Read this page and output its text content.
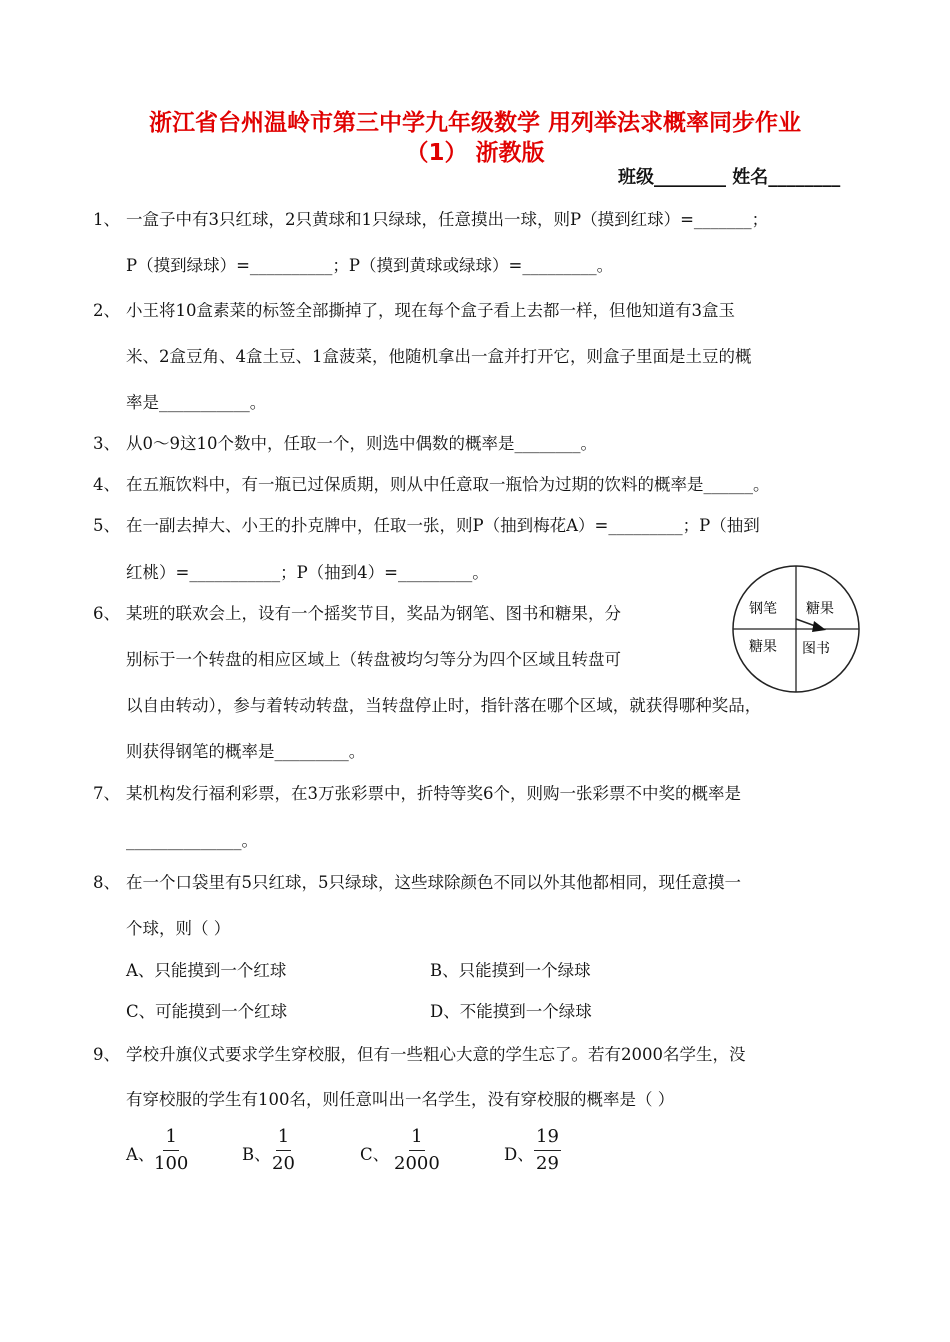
浙江省台州温岭市第三中学九年级数学 用列举法求概率同步作业
（1） 浙教版
班级________ 姓名________
1、 一盒子中有3只红球，2只黄球和1只绿球，任意摸出一球，则P（摸到红球）=_______；
P（摸到绿球）=__________；P（摸到黄球或绿球）=_________。
2、 小王将10盒素菜的标签全部撕掉了，现在每个盒子看上去都一样，但他知道有3盒玉
米、2盒豆角、4盒土豆、1盒菠菜，他随机拿出一盒并打开它，则盒子里面是土豆的概
率是___________。
3、 从0～9这10个数中，任取一个，则选中偶数的概率是________。
4、 在五瓶饮料中，有一瓶已过保质期，则从中任意取一瓶恰为过期的饮料的概率是______。
5、 在一副去掉大、小王的扑克牌中，任取一张，则P（抽到梅花A）=_________；P（抽到
红桃）=___________；P（抽到4）=_________。
6、 某班的联欢会上，设有一个摇奖节目，奖品为钢笔、图书和糖果，分
别标于一个转盘的相应区域上（转盘被均匀等分为四个区域且转盘可
以自由转动），参与着转动转盘，当转盘停止时，指针落在哪个区域，就获得哪种奖品，
则获得钢笔的概率是_________。
钢笔 糖果
糖果 图书
7、 某机构发行福利彩票，在3万张彩票中，折特等奖6个，则购一张彩票不中奖的概率是
______________。
8、 在一个口袋里有5只红球，5只绿球，这些球除颜色不同以外其他都相同，现任意摸一
个球，则（ ）
A、只能摸到一个红球	B、只能摸到一个绿球
C、可能摸到一个红球	D、不能摸到一个绿球
9、 学校升旗仪式要求学生穿校服，但有一些粗心大意的学生忘了。若有2000名学生，没
有穿校服的学生有100名，则任意叫出一名学生，没有穿校服的概率是（ ）
A、 $\frac{1}{100}$	B、 $\frac{1}{20}$	C、 $\frac{1}{2000}$	D、 $\frac{19}{29}$
